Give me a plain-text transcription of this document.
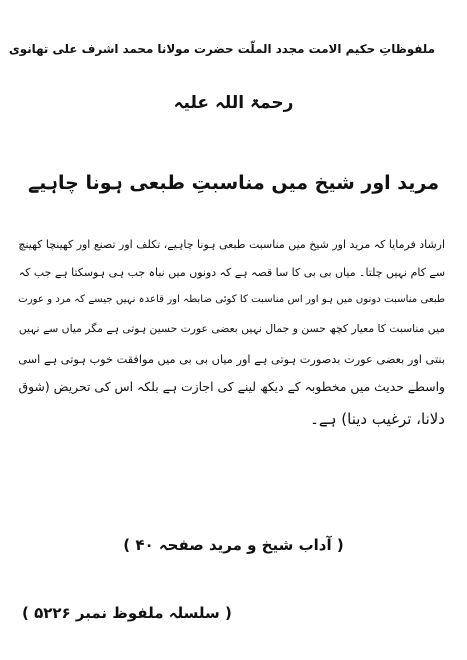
ملفوظاتِ حکیم الامت مجدد الملّت حضرت مولانا محمد اشرف علی تھانوی
رحمۃ اللہ علیہ
مرید اور شیخ میں مناسبتِ طبعی ہونا چاہیے
ارشاد فرمایا کہ مرید اور شیخ میں مناسبت طبعی ہونا چاہیے، تکلف اور تصنع اور کھینچا کھینچ
سے کام نہیں چلتا۔ میاں بی بی کا سا قصہ ہے کہ دونوں میں نباہ جب ہی ہوسکتا ہے جب کہ
طبعی مناسبت دونوں میں ہو اور اس مناسبت کا کوئی ضابطہ اور قاعدہ نہیں جیسے کہ مرد و عورت
میں مناسبت کا معیار کچھ حسن و جمال نہیں بعضی عورت حسین ہوتی ہے مگر میاں سے نہیں
بنتی اور بعضی عورت بدصورت ہوتی ہے اور میاں بی بی میں موافقت خوب ہوتی ہے اسی
واسطے حدیث میں مخطوبہ کے دیکھ لینے کی اجازت ہے بلکہ اس کی تحریض (شوق
دلانا، ترغیب دینا) ہے۔
( آداب شیخ و مرید صفحہ ۴۰ )
( سلسلہ ملفوظ نمبر ۵۲۲۶ )
